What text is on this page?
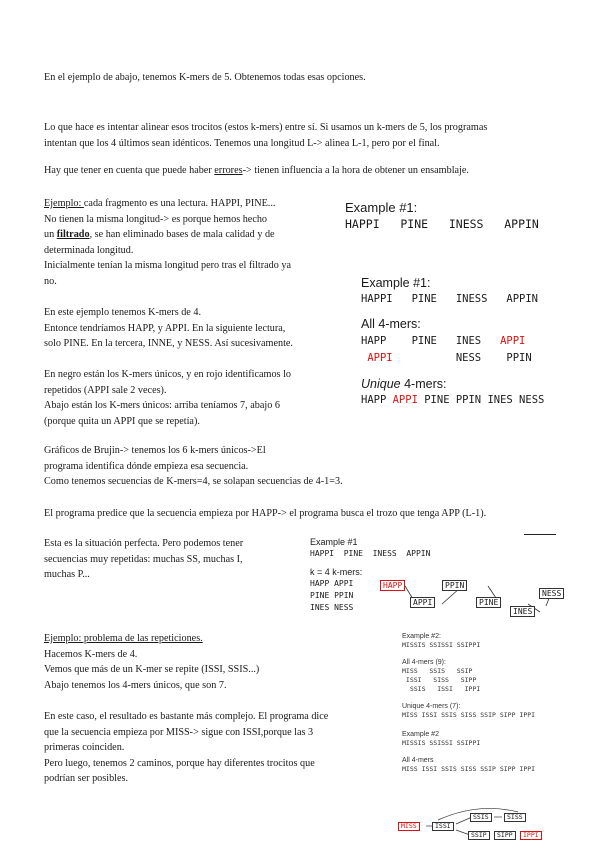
En el ejemplo de abajo, tenemos K-mers de 5. Obtenemos todas esas opciones.

Lo que hace es intentar alinear esos trocitos (estos k-mers) entre sí. Si usamos un k-mers de 5, los programas
intentan que los 4 últimos sean idénticos. Tenemos una longitud L-> alinea L-1, pero por el final.
Hay que tener en cuenta que puede haber errores-> tienen influencia a la hora de obtener un ensamblaje.
Ejemplo: cada fragmento es una lectura. HAPPI, PINE...
No tienen la misma longitud-> es porque hemos hecho
un filtrado, se han eliminado bases de mala calidad y de
determinada longitud.
Inicialmente tenían la misma longitud pero tras el filtrado ya
no.
En este ejemplo tenemos K-mers de 4.
Entonce tendríamos HAPP, y APPI. En la siguiente lectura,
solo PINE. En la tercera, INNE, y NESS. Así sucesivamente.
En negro están los K-mers únicos, y en rojo identificamos lo
repetidos (APPI sale 2 veces).
Abajo están los K-mers únicos: arriba teníamos 7, abajo 6
(porque quita un APPI que se repetía).
Gráficos de Brujin-> tenemos los 6 k-mers únicos->El
programa identifica dónde empieza esa secuencia.
Como tenemos secuencias de K-mers=4, se solapan secuencias de 4-1=3.

El programa predice que la secuencia empieza por HAPP-> el programa busca el trozo que tenga APP (L-1).

Esta es la situación perfecta. Pero podemos tener
secuencias muy repetidas: muchas SS, muchas I,
muchas P...
Ejemplo: problema de las repeticiones.
Hacemos K-mers de 4.
Vemos que más de un K-mer se repite (ISSI, SSIS...)
Abajo tenemos los 4-mers únicos, que son 7.
En este caso, el resultado es bastante más complejo. El programa dice
que la secuencia empieza por MISS-> sigue con ISSI,porque las 3
primeras coinciden.
Pero luego, tenemos 2 caminos, porque hay diferentes trocitos que
podrían ser posibles.
Example #1:
HAPPI   PINE   INESS   APPIN
Example #1:
HAPPI   PINE   INESS   APPIN
All 4-mers:
HAPP    PINE   INES   APPI
APPI          NESS    PPIN
Unique 4-mers:
HAPP APPI PINE PPIN INES NESS
Example #1
HAPPI  PINE  INESS  APPIN
k = 4 k-mers:
HAPP APPI
PINE PPIN
INES NESS
HAPP
APPI
PPIN
PINE
INES
NESS
Example #2:
MISSIS SSISSI SSIPPI
All 4-mers (9):
MISS   SSIS   SSIP
ISSI   SISS   SIPP
SSIS   ISSI   IPPI
Unique 4-mers (7):
MISS ISSI SSIS SISS SSIP SIPP IPPI
Example #2
MISSIS SSISSI SSIPPI
All 4-mers
MISS ISSI SSIS SISS SSIP SIPP IPPI
MISS	ISSI
SSIS	SISS
SSIP	SIPP	IPPI
